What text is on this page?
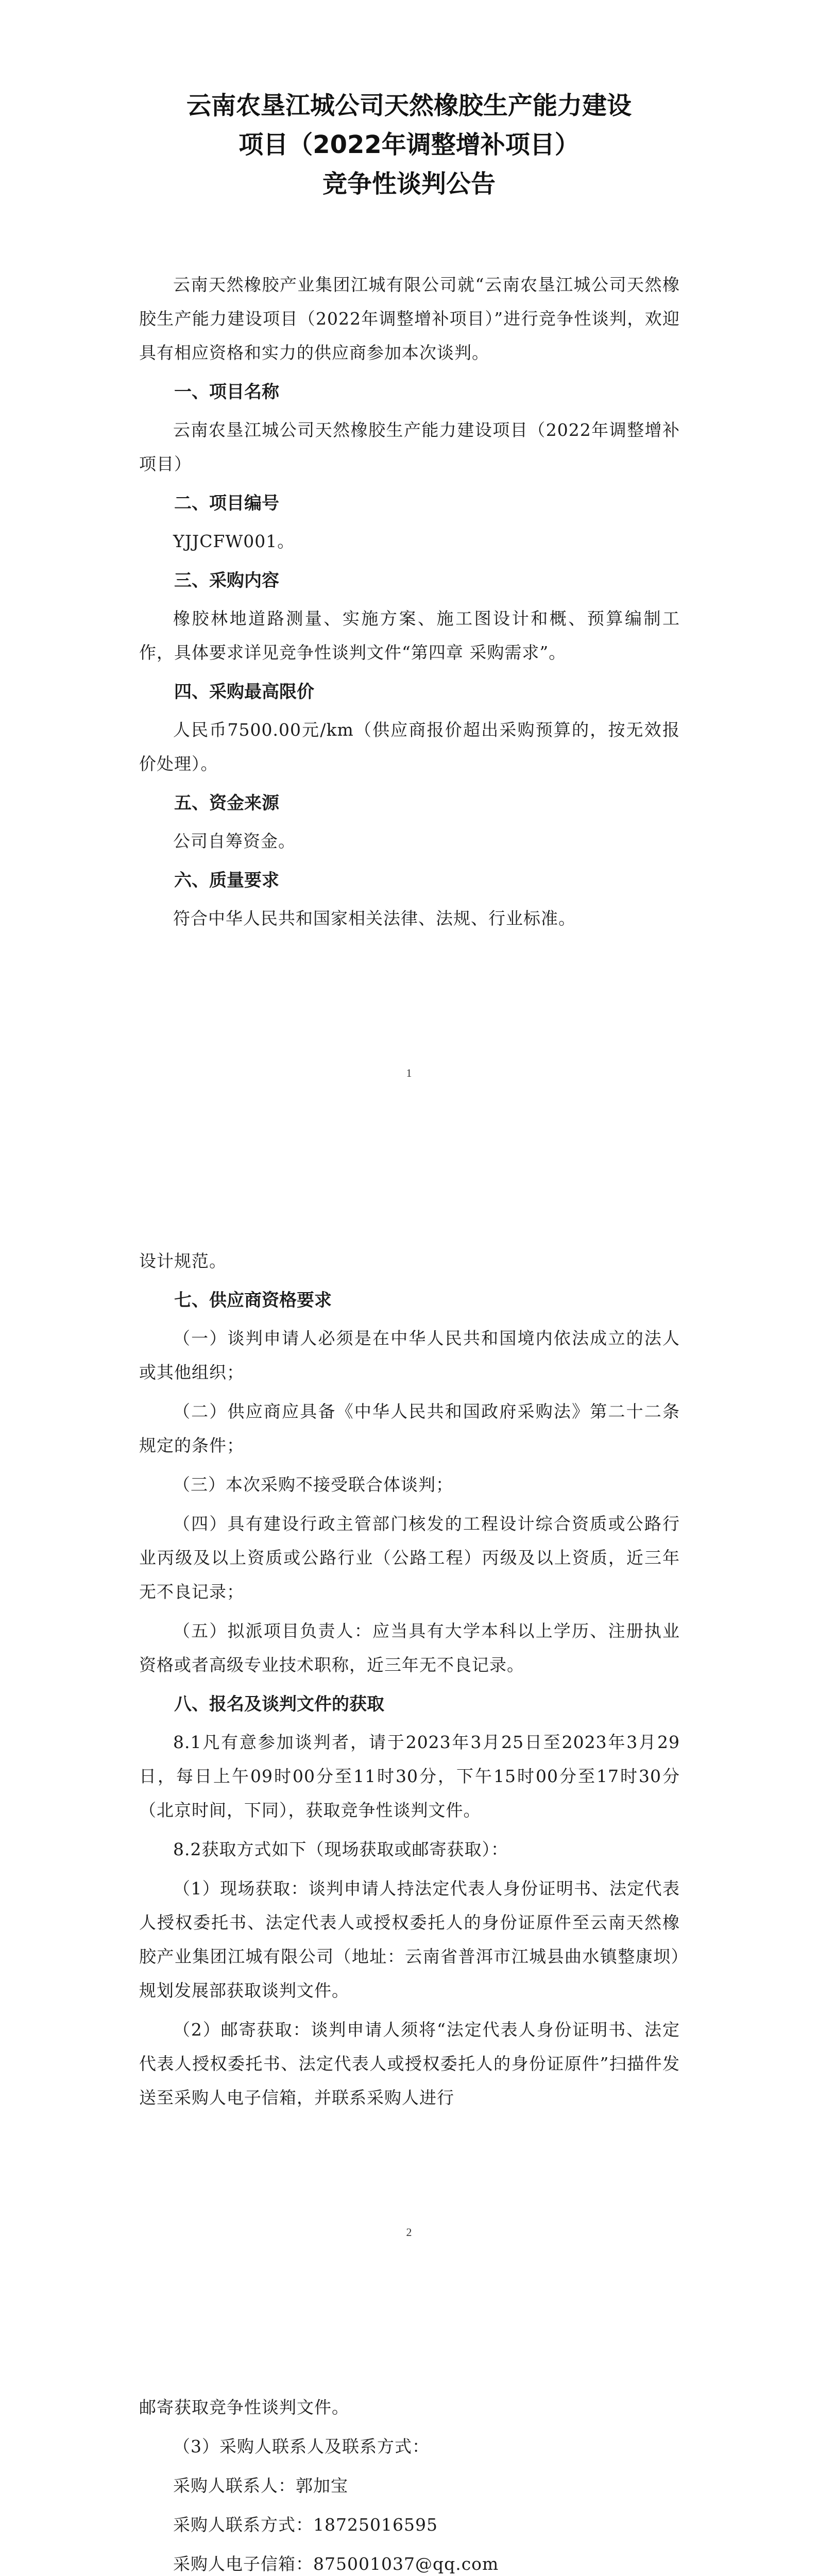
云南农垦江城公司天然橡胶生产能力建设
项目（2022年调整增补项目）
竞争性谈判公告

云南天然橡胶产业集团江城有限公司就“云南农垦江城公司天然橡胶生产能力建设项目（2022年调整增补项目）”进行竞争性谈判，欢迎具有相应资格和实力的供应商参加本次谈判。

一、项目名称

云南农垦江城公司天然橡胶生产能力建设项目（2022年调整增补项目）

二、项目编号

YJJCFW001。

三、采购内容

橡胶林地道路测量、实施方案、施工图设计和概、预算编制工作，具体要求详见竞争性谈判文件“第四章 采购需求”。

四、采购最高限价

人民币7500.00元/km（供应商报价超出采购预算的，按无效报价处理）。

五、资金来源

公司自筹资金。

六、质量要求

符合中华人民共和国家相关法律、法规、行业标准。

1

设计规范。

七、供应商资格要求

（一）谈判申请人必须是在中华人民共和国境内依法成立的法人或其他组织；

（二）供应商应具备《中华人民共和国政府采购法》第二十二条规定的条件；

（三）本次采购不接受联合体谈判；

（四）具有建设行政主管部门核发的工程设计综合资质或公路行业丙级及以上资质或公路行业（公路工程）丙级及以上资质，近三年无不良记录；

（五）拟派项目负责人：应当具有大学本科以上学历、注册执业资格或者高级专业技术职称，近三年无不良记录。

八、报名及谈判文件的获取

8.1凡有意参加谈判者，请于2023年3月25日至2023年3月29日，每日上午09时00分至11时30分，下午15时00分至17时30分（北京时间，下同），获取竞争性谈判文件。

8.2获取方式如下（现场获取或邮寄获取）：

（1）现场获取：谈判申请人持法定代表人身份证明书、法定代表人授权委托书、法定代表人或授权委托人的身份证原件至云南天然橡胶产业集团江城有限公司（地址：云南省普洱市江城县曲水镇整康坝）规划发展部获取谈判文件。

（2）邮寄获取：谈判申请人须将“法定代表人身份证明书、法定代表人授权委托书、法定代表人或授权委托人的身份证原件”扫描件发送至采购人电子信箱，并联系采购人进行

2

邮寄获取竞争性谈判文件。

（3）采购人联系人及联系方式：

采购人联系人：郭加宝

采购人联系方式：18725016595

采购人电子信箱：875001037@qq.com
